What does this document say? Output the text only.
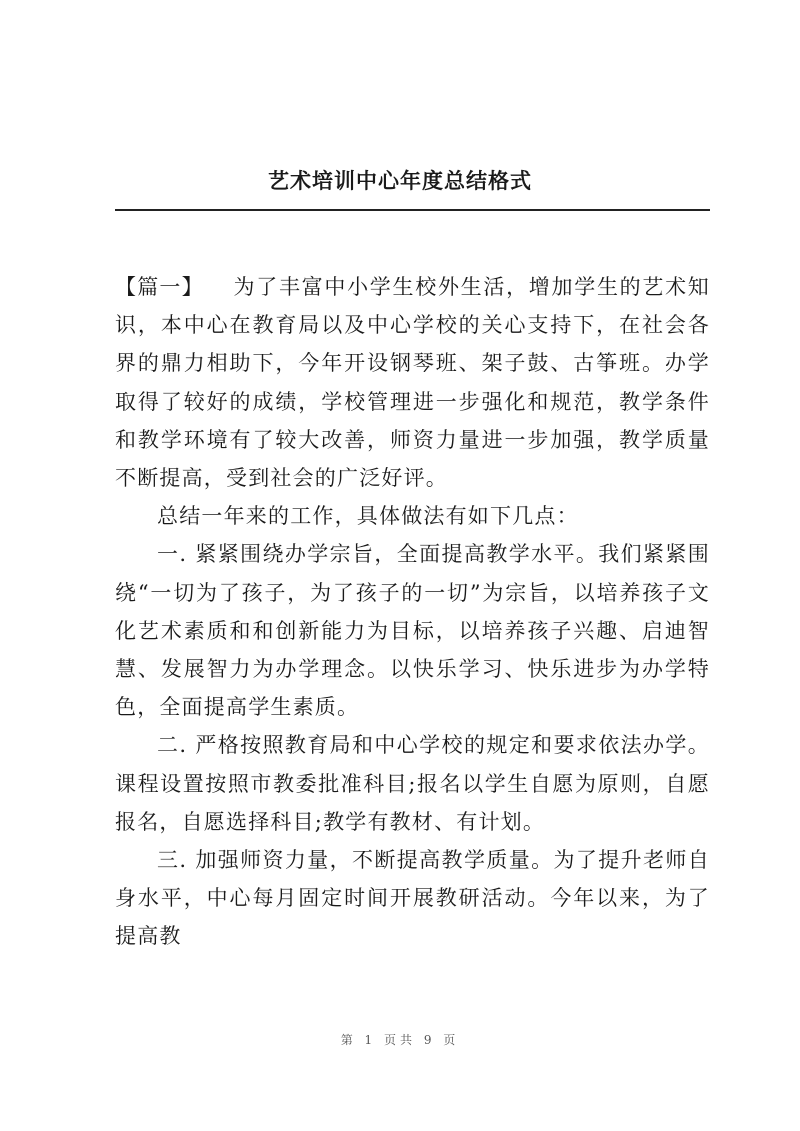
艺术培训中心年度总结格式

【篇一】 为了丰富中小学生校外生活，增加学生的艺术知识，本中心在教育局以及中心学校的关心支持下，在社会各界的鼎力相助下，今年开设钢琴班、架子鼓、古筝班。办学取得了较好的成绩，学校管理进一步强化和规范，教学条件和教学环境有了较大改善，师资力量进一步加强，教学质量不断提高，受到社会的广泛好评。

总结一年来的工作，具体做法有如下几点：

一. 紧紧围绕办学宗旨，全面提高教学水平。我们紧紧围绕“一切为了孩子，为了孩子的一切”为宗旨，以培养孩子文化艺术素质和和创新能力为目标，以培养孩子兴趣、启迪智慧、发展智力为办学理念。以快乐学习、快乐进步为办学特色，全面提高学生素质。

二. 严格按照教育局和中心学校的规定和要求依法办学。课程设置按照市教委批准科目;报名以学生自愿为原则，自愿报名，自愿选择科目;教学有教材、有计划。

三. 加强师资力量，不断提高教学质量。为了提升老师自身水平，中心每月固定时间开展教研活动。今年以来，为了提高教

第 1 页共 9 页
